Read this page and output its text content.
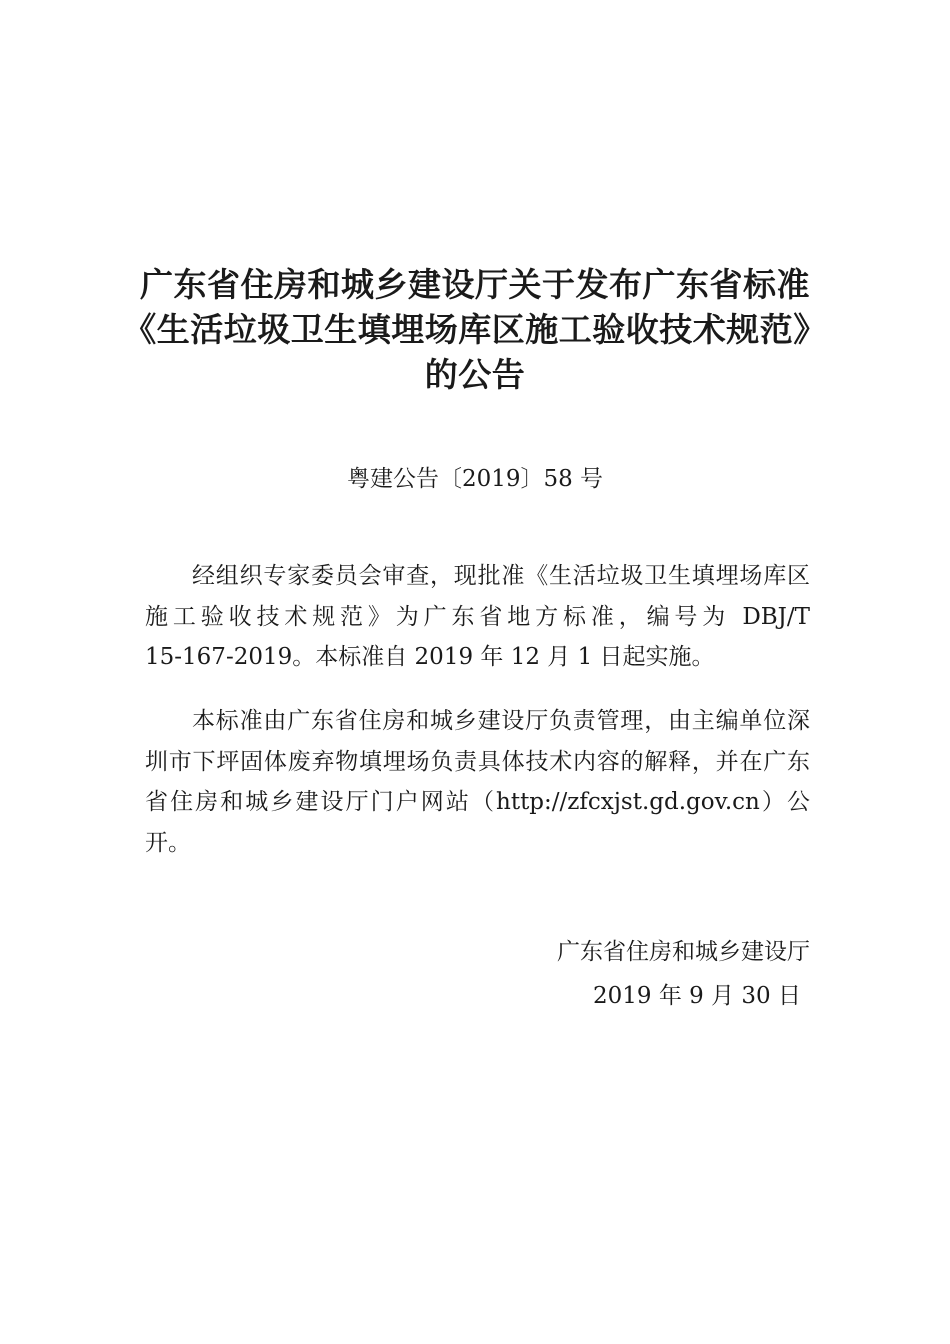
广东省住房和城乡建设厅关于发布广东省标准
《生活垃圾卫生填埋场库区施工验收技术规范》
的公告
粤建公告〔2019〕58 号

经组织专家委员会审查，现批准《生活垃圾卫生填埋场库区
施工验收技术规范》为广东省地方标准，编号为 DBJ/T
15-167-2019。本标准自 2019 年 12 月 1 日起实施。

本标准由广东省住房和城乡建设厅负责管理，由主编单位深
圳市下坪固体废弃物填埋场负责具体技术内容的解释，并在广东
省住房和城乡建设厅门户网站（http://zfcxjst.gd.gov.cn）公
开。

广东省住房和城乡建设厅
2019 年 9 月 30 日
